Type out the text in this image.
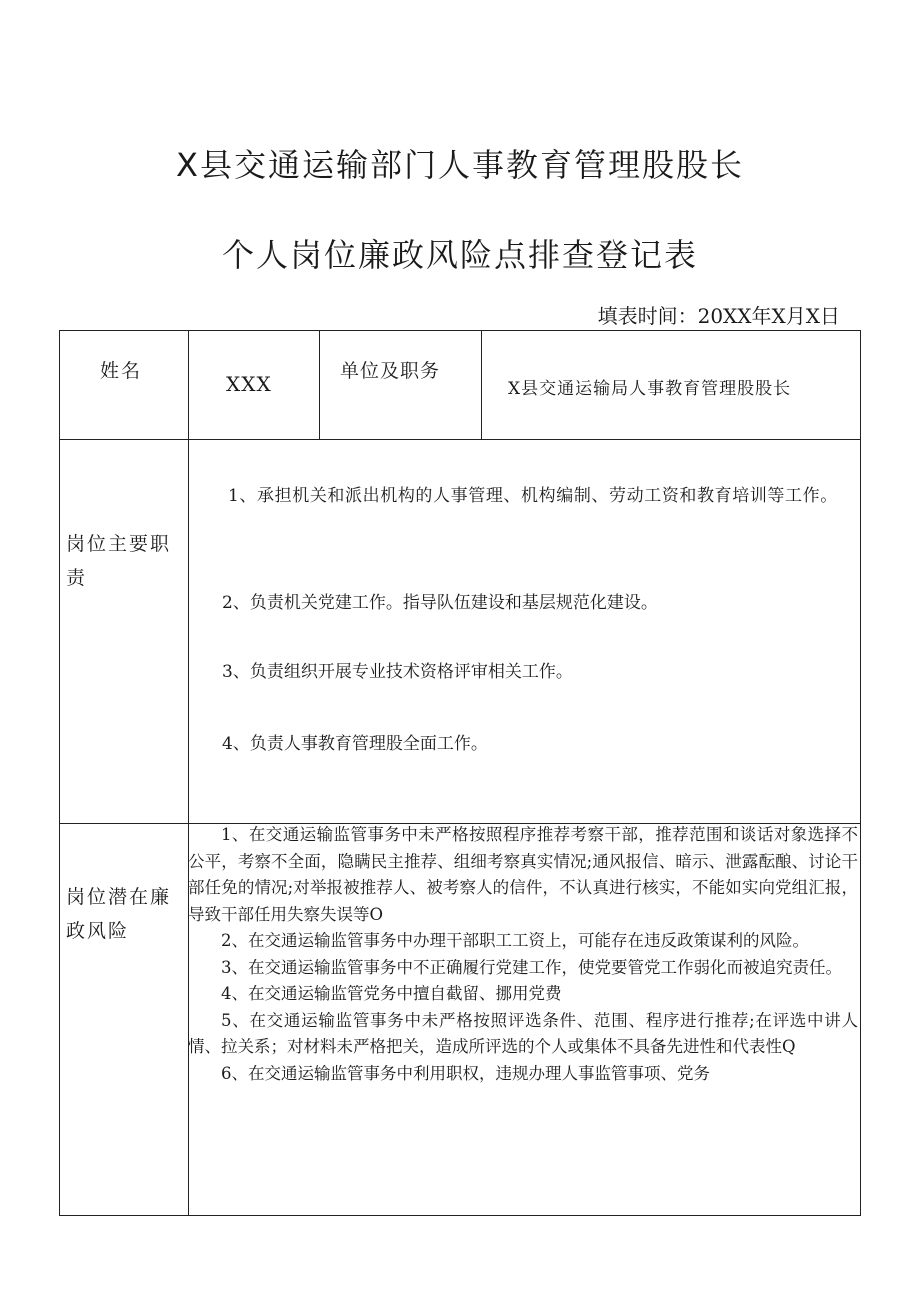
X县交通运输部门人事教育管理股股长
个人岗位廉政风险点排查登记表
填表时间：20XX年X月X日
姓名
XXX
单位及职务
X县交通运输局人事教育管理股股长
岗位主要职责
1、承担机关和派出机构的人事管理、机构编制、劳动工资和教育培训等工作。
2、负责机关党建工作。指导队伍建设和基层规范化建设。
3、负责组织开展专业技术资格评审相关工作。
4、负责人事教育管理股全面工作。
岗位潜在廉政风险

1、在交通运输监管事务中未严格按照程序推荐考察干部，推荐范围和谈话对象选择不公平，考察不全面，隐瞒民主推荐、组细考察真实情况;通风报信、暗示、泄露酝酿、讨论干部任免的情况;对举报被推荐人、被考察人的信件，不认真进行核实，不能如实向党组汇报，导致干部任用失察失误等O

2、在交通运输监管事务中办理干部职工工资上，可能存在违反政策谋利的风险。

3、在交通运输监管事务中不正确履行党建工作，使党要管党工作弱化而被追究责任。

4、在交通运输监管党务中擅自截留、挪用党费

5、在交通运输监管事务中未严格按照评选条件、范围、程序进行推荐;在评选中讲人情、拉关系；对材料未严格把关，造成所评选的个人或集体不具备先进性和代表性Q

6、在交通运输监管事务中利用职权，违规办理人事监管事项、党务
